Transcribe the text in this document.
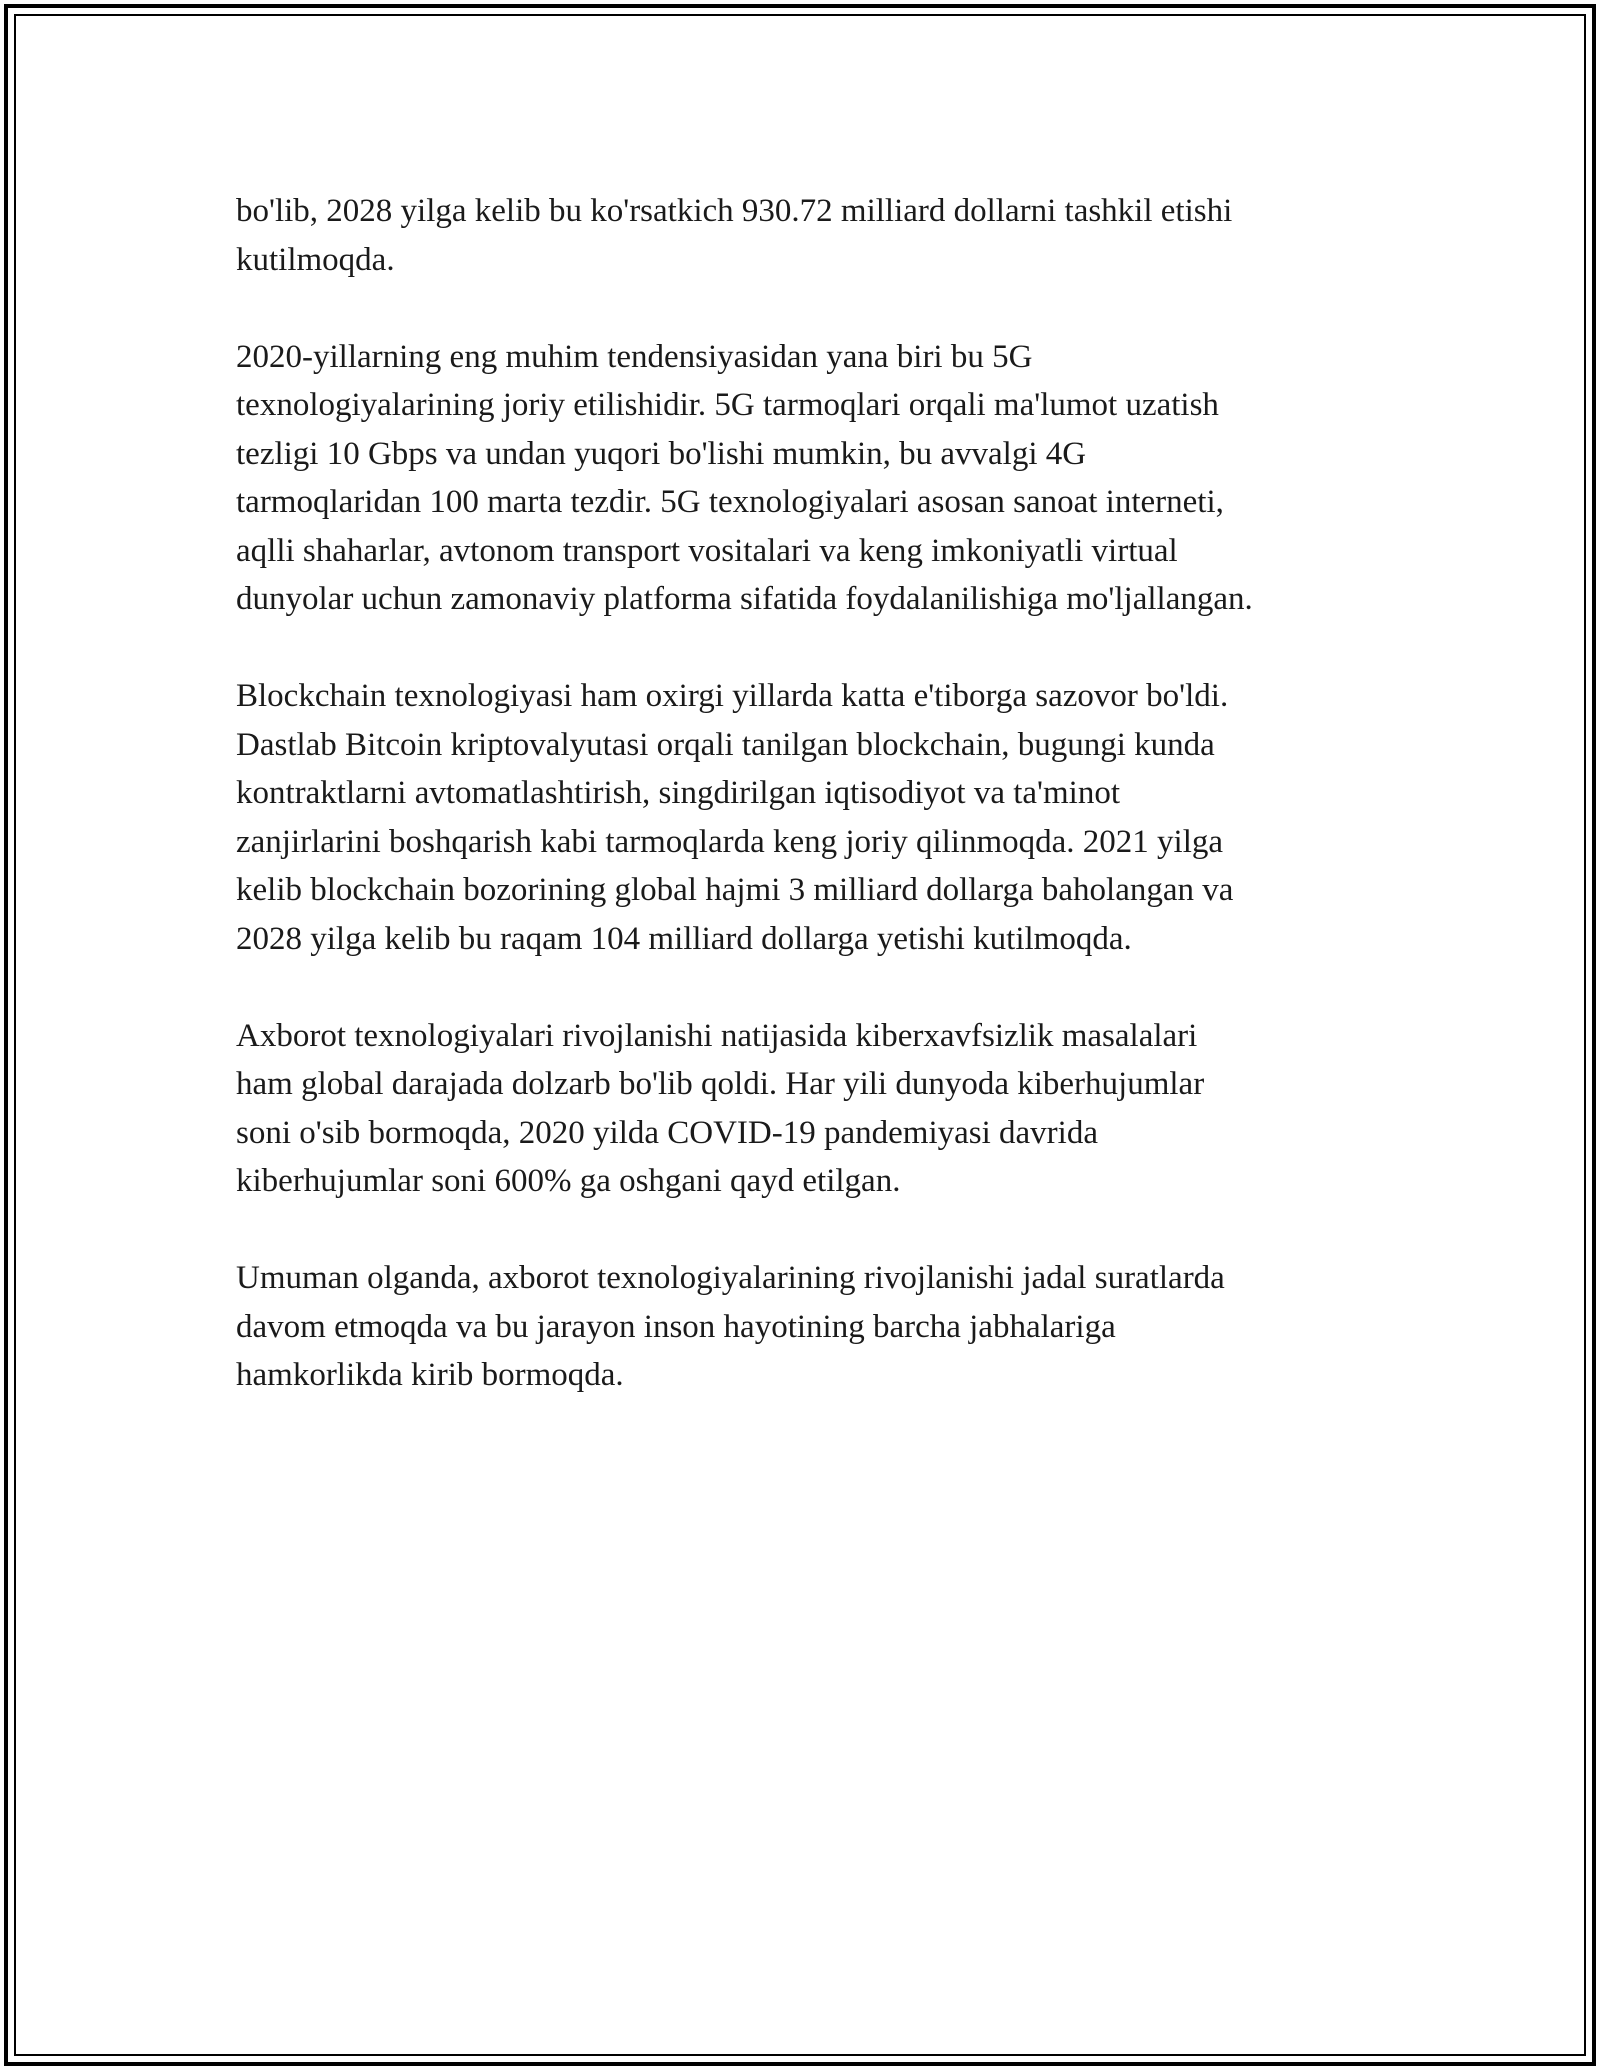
bo'lib, 2028 yilga kelib bu ko'rsatkich 930.72 milliard dollarni tashkil etishi
kutilmoqda.

2020-yillarning eng muhim tendensiyasidan yana biri bu 5G
texnologiyalarining joriy etilishidir. 5G tarmoqlari orqali ma'lumot uzatish
tezligi 10 Gbps va undan yuqori bo'lishi mumkin, bu avvalgi 4G
tarmoqlaridan 100 marta tezdir. 5G texnologiyalari asosan sanoat interneti,
aqlli shaharlar, avtonom transport vositalari va keng imkoniyatli virtual
dunyolar uchun zamonaviy platforma sifatida foydalanilishiga mo'ljallangan.

Blockchain texnologiyasi ham oxirgi yillarda katta e'tiborga sazovor bo'ldi.
Dastlab Bitcoin kriptovalyutasi orqali tanilgan blockchain, bugungi kunda
kontraktlarni avtomatlashtirish, singdirilgan iqtisodiyot va ta'minot
zanjirlarini boshqarish kabi tarmoqlarda keng joriy qilinmoqda. 2021 yilga
kelib blockchain bozorining global hajmi 3 milliard dollarga baholangan va
2028 yilga kelib bu raqam 104 milliard dollarga yetishi kutilmoqda.

Axborot texnologiyalari rivojlanishi natijasida kiberxavfsizlik masalalari
ham global darajada dolzarb bo'lib qoldi. Har yili dunyoda kiberhujumlar
soni o'sib bormoqda, 2020 yilda COVID-19 pandemiyasi davrida
kiberhujumlar soni 600% ga oshgani qayd etilgan.

Umuman olganda, axborot texnologiyalarining rivojlanishi jadal suratlarda
davom etmoqda va bu jarayon inson hayotining barcha jabhalariga
hamkorlikda kirib bormoqda.
